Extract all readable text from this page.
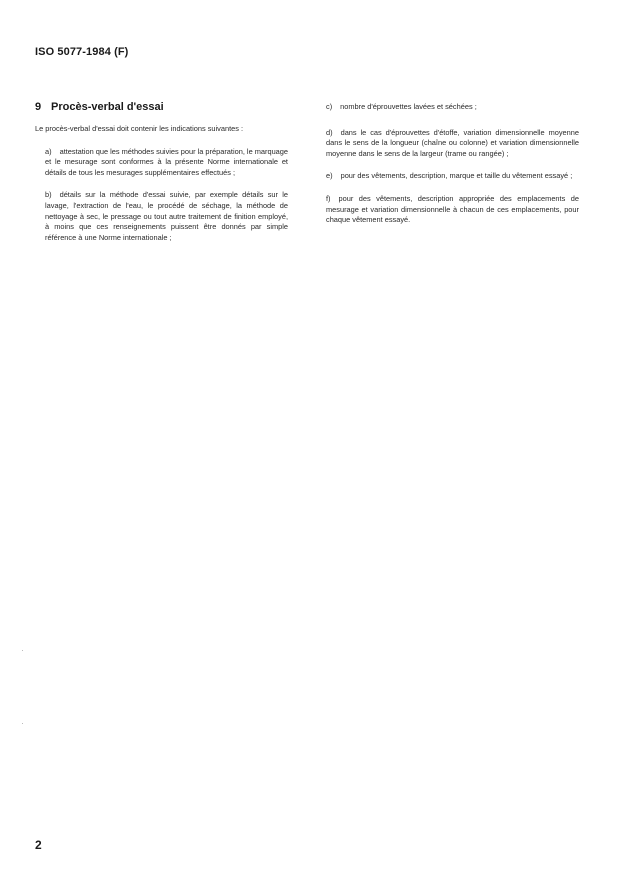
ISO 5077-1984 (F)

9 Procès-verbal d'essai

Le procès-verbal d'essai doit contenir les indications suivantes :

a) attestation que les méthodes suivies pour la préparation, le marquage et le mesurage sont conformes à la présente Norme internationale et détails de tous les mesurages supplémentaires effectués ;

b) détails sur la méthode d'essai suivie, par exemple détails sur le lavage, l'extraction de l'eau, le procédé de séchage, la méthode de nettoyage à sec, le pressage ou tout autre traitement de finition employé, à moins que ces renseignements puissent être donnés par simple référence à une Norme internationale ;

c) nombre d'éprouvettes lavées et séchées ;

d) dans le cas d'éprouvettes d'étoffe, variation dimensionnelle moyenne dans le sens de la longueur (chaîne ou colonne) et variation dimensionnelle moyenne dans le sens de la largeur (trame ou rangée) ;

e) pour des vêtements, description, marque et taille du vêtement essayé ;

f) pour des vêtements, description appropriée des emplacements de mesurage et variation dimensionnelle à chacun de ces emplacements, pour chaque vêtement essayé.

2
